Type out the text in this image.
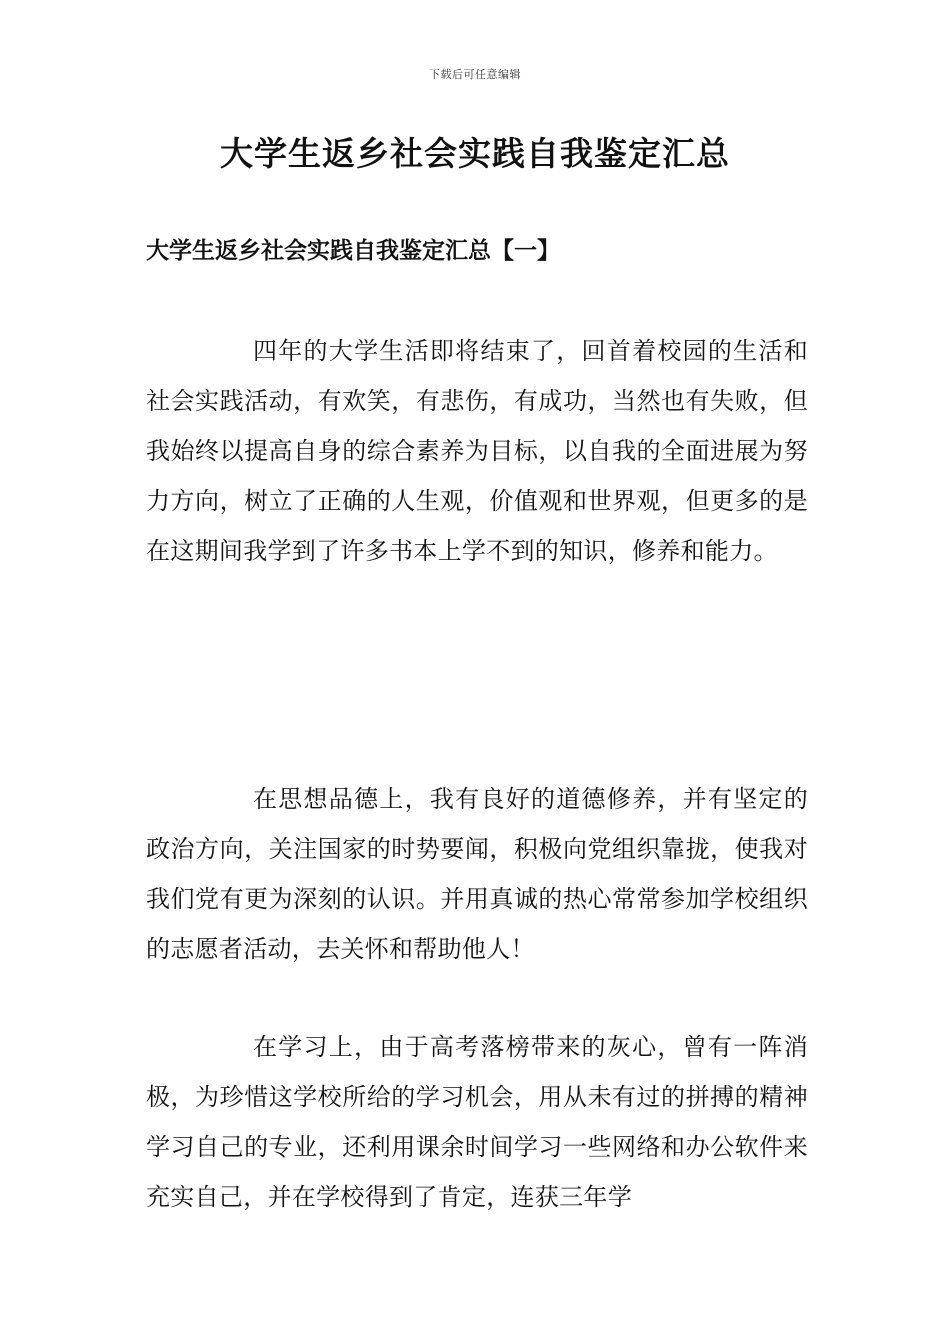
下载后可任意编辑
大学生返乡社会实践自我鉴定汇总
大学生返乡社会实践自我鉴定汇总【一】

四年的大学生活即将结束了，回首着校园的生活和社会实践活动，有欢笑，有悲伤，有成功，当然也有失败，但我始终以提高自身的综合素养为目标，以自我的全面进展为努力方向，树立了正确的人生观，价值观和世界观，但更多的是在这期间我学到了许多书本上学不到的知识，修养和能力。

在思想品德上，我有良好的道德修养，并有坚定的政治方向，关注国家的时势要闻，积极向党组织靠拢，使我对我们党有更为深刻的认识。并用真诚的热心常常参加学校组织的志愿者活动，去关怀和帮助他人！

在学习上，由于高考落榜带来的灰心，曾有一阵消极，为珍惜这学校所给的学习机会，用从未有过的拼搏的精神学习自己的专业，还利用课余时间学习一些网络和办公软件来充实自己，并在学校得到了肯定，连获三年学
